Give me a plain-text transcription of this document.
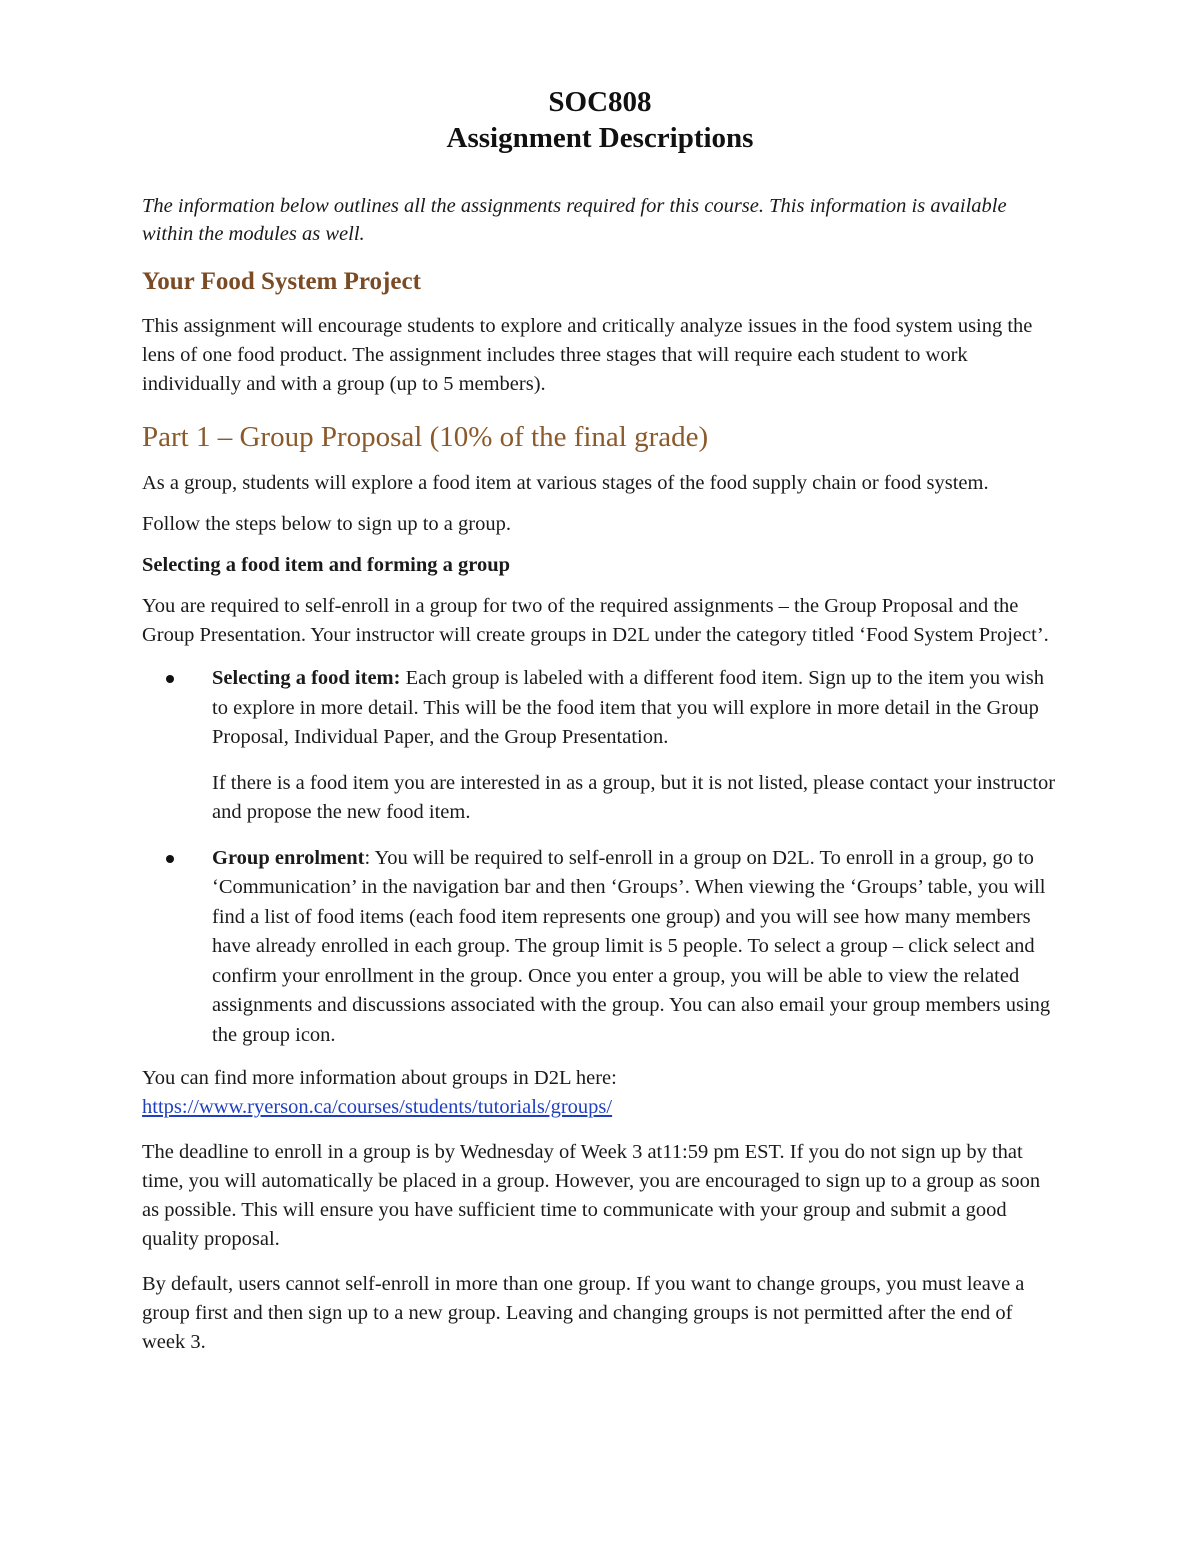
SOC808
Assignment Descriptions
The information below outlines all the assignments required for this course. This information is available within the modules as well.
Your Food System Project

This assignment will encourage students to explore and critically analyze issues in the food system using the lens of one food product. The assignment includes three stages that will require each student to work individually and with a group (up to 5 members).

Part 1 – Group Proposal (10% of the final grade)

As a group, students will explore a food item at various stages of the food supply chain or food system.

Follow the steps below to sign up to a group.

Selecting a food item and forming a group

You are required to self-enroll in a group for two of the required assignments – the Group Proposal and the Group Presentation. Your instructor will create groups in D2L under the category titled ‘Food System Project’.

Selecting a food item: Each group is labeled with a different food item. Sign up to the item you wish to explore in more detail. This will be the food item that you will explore in more detail in the Group Proposal, Individual Paper, and the Group Presentation.
If there is a food item you are interested in as a group, but it is not listed, please contact your instructor and propose the new food item.
Group enrolment: You will be required to self-enroll in a group on D2L. To enroll in a group, go to ‘Communication’ in the navigation bar and then ‘Groups’. When viewing the ‘Groups’ table, you will find a list of food items (each food item represents one group) and you will see how many members have already enrolled in each group. The group limit is 5 people. To select a group – click select and confirm your enrollment in the group. Once you enter a group, you will be able to view the related assignments and discussions associated with the group. You can also email your group members using the group icon.

You can find more information about groups in D2L here:
https://www.ryerson.ca/courses/students/tutorials/groups/

The deadline to enroll in a group is by Wednesday of Week 3 at11:59 pm EST. If you do not sign up by that time, you will automatically be placed in a group. However, you are encouraged to sign up to a group as soon as possible. This will ensure you have sufficient time to communicate with your group and submit a good quality proposal.

By default, users cannot self-enroll in more than one group. If you want to change groups, you must leave a group first and then sign up to a new group. Leaving and changing groups is not permitted after the end of week 3.
